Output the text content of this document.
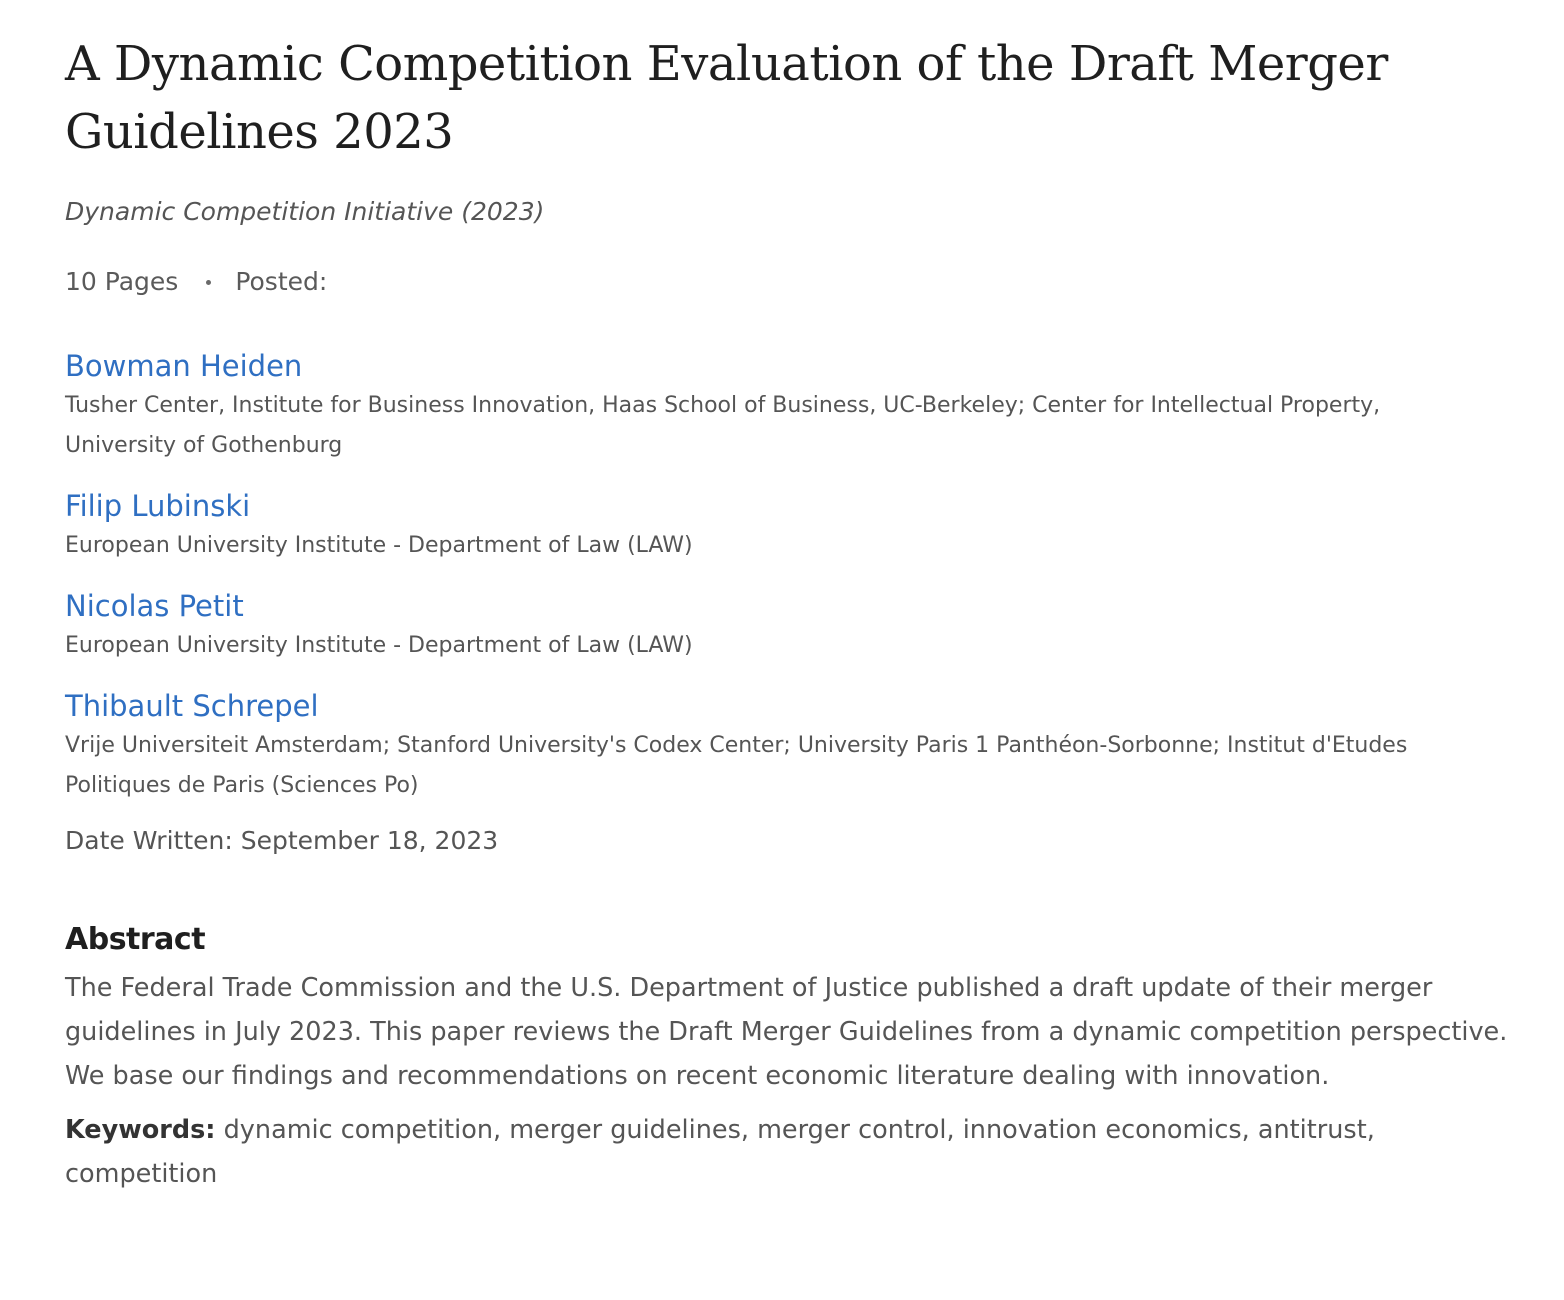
A Dynamic Competition Evaluation of the Draft Merger Guidelines 2023
Dynamic Competition Initiative (2023)
10 Pages Posted:
Bowman Heiden
Tusher Center, Institute for Business Innovation, Haas School of Business, UC-Berkeley; Center for Intellectual Property, University of Gothenburg
Filip Lubinski
European University Institute - Department of Law (LAW)
Nicolas Petit
European University Institute - Department of Law (LAW)
Thibault Schrepel
Vrije Universiteit Amsterdam; Stanford University's Codex Center; University Paris 1 Panthéon-Sorbonne; Institut d'Etudes Politiques de Paris (Sciences Po)
Date Written: September 18, 2023
Abstract
The Federal Trade Commission and the U.S. Department of Justice published a draft update of their merger guidelines in July 2023. This paper reviews the Draft Merger Guidelines from a dynamic competition perspective. We base our findings and recommendations on recent economic literature dealing with innovation.
Keywords: dynamic competition, merger guidelines, merger control, innovation economics, antitrust, competition
